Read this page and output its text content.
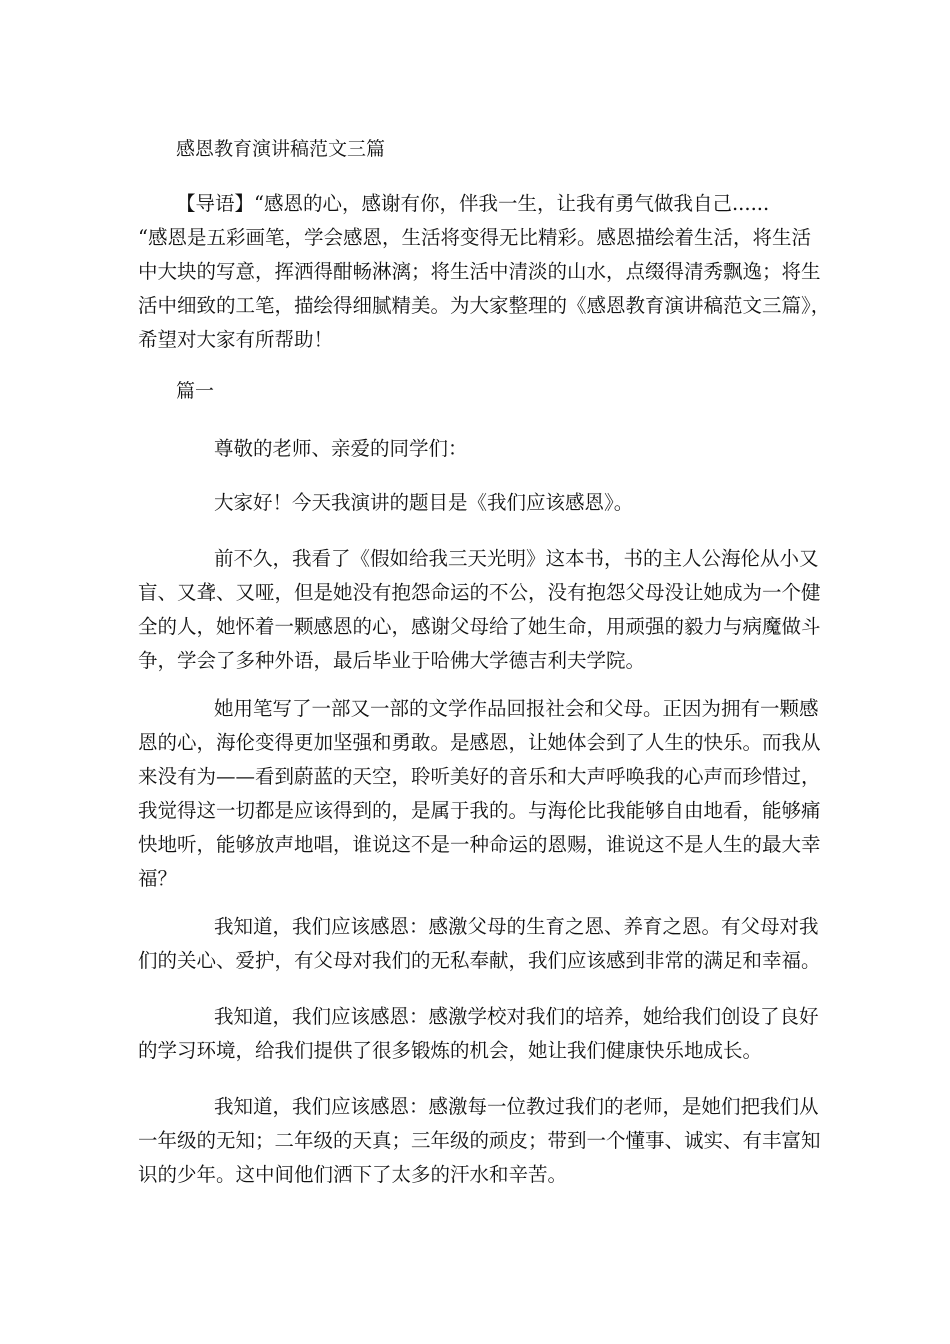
感恩教育演讲稿范文三篇
【导语】“感恩的心，感谢有你，伴我一生，让我有勇气做我自己......
“感恩是五彩画笔，学会感恩，生活将变得无比精彩。感恩描绘着生活，将生活
中大块的写意，挥洒得酣畅淋漓；将生活中清淡的山水，点缀得清秀飘逸；将生
活中细致的工笔，描绘得细腻精美。为大家整理的《感恩教育演讲稿范文三篇》，
希望对大家有所帮助！
篇一
尊敬的老师、亲爱的同学们：
大家好！今天我演讲的题目是《我们应该感恩》。
前不久，我看了《假如给我三天光明》这本书，书的主人公海伦从小又
盲、又聋、又哑，但是她没有抱怨命运的不公，没有抱怨父母没让她成为一个健
全的人，她怀着一颗感恩的心，感谢父母给了她生命，用顽强的毅力与病魔做斗
争，学会了多种外语，最后毕业于哈佛大学德吉利夫学院。
她用笔写了一部又一部的文学作品回报社会和父母。正因为拥有一颗感
恩的心，海伦变得更加坚强和勇敢。是感恩，让她体会到了人生的快乐。而我从
来没有为——看到蔚蓝的天空，聆听美好的音乐和大声呼唤我的心声而珍惜过，
我觉得这一切都是应该得到的，是属于我的。与海伦比我能够自由地看，能够痛
快地听，能够放声地唱，谁说这不是一种命运的恩赐，谁说这不是人生的最大幸
福？
我知道，我们应该感恩：感激父母的生育之恩、养育之恩。有父母对我
们的关心、爱护，有父母对我们的无私奉献，我们应该感到非常的满足和幸福。
我知道，我们应该感恩：感激学校对我们的培养，她给我们创设了良好
的学习环境，给我们提供了很多锻炼的机会，她让我们健康快乐地成长。
我知道，我们应该感恩：感激每一位教过我们的老师，是她们把我们从
一年级的无知；二年级的天真；三年级的顽皮；带到一个懂事、诚实、有丰富知
识的少年。这中间他们洒下了太多的汗水和辛苦。
